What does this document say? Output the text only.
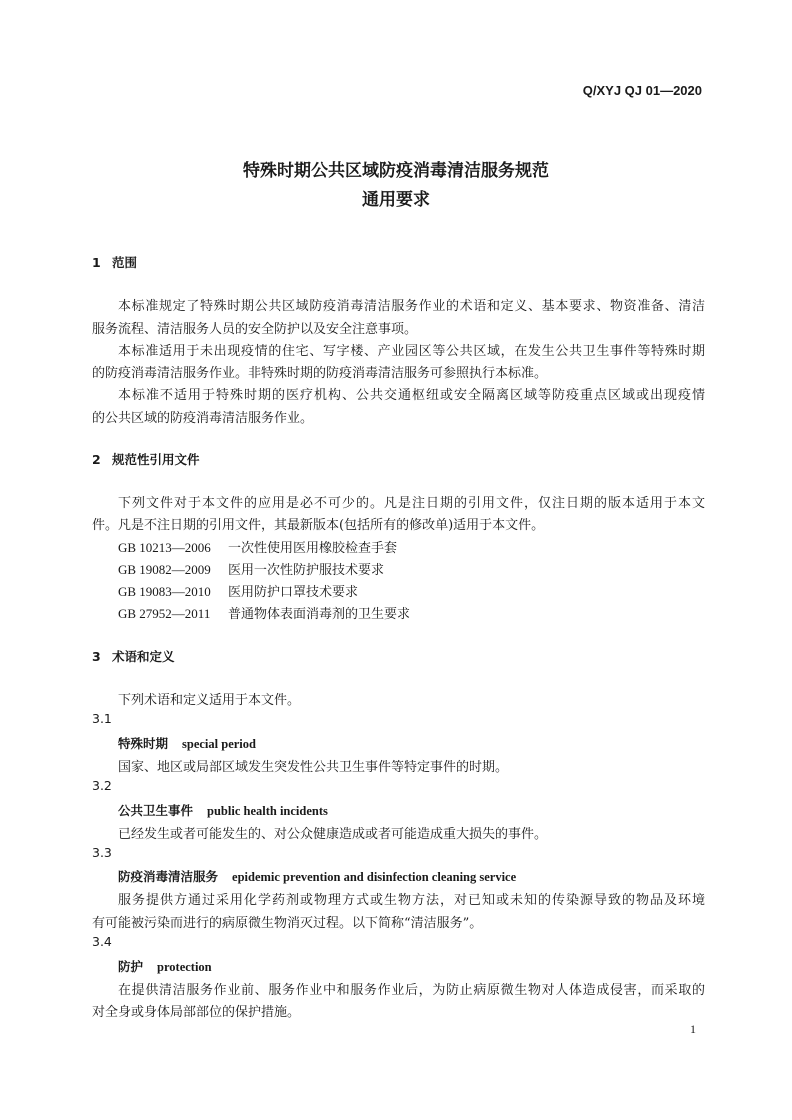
Q/XYJ QJ 01—2020
特殊时期公共区域防疫消毒清洁服务规范
通用要求
1 范围
本标准规定了特殊时期公共区域防疫消毒清洁服务作业的术语和定义、基本要求、物资准备、清洁
服务流程、清洁服务人员的安全防护以及安全注意事项。
本标准适用于未出现疫情的住宅、写字楼、产业园区等公共区域，在发生公共卫生事件等特殊时期
的防疫消毒清洁服务作业。非特殊时期的防疫消毒清洁服务可参照执行本标准。
本标准不适用于特殊时期的医疗机构、公共交通枢纽或安全隔离区域等防疫重点区域或出现疫情
的公共区域的防疫消毒清洁服务作业。
2 规范性引用文件
下列文件对于本文件的应用是必不可少的。凡是注日期的引用文件，仅注日期的版本适用于本文
件。凡是不注日期的引用文件，其最新版本(包括所有的修改单)适用于本文件。
GB 10213—2006 一次性使用医用橡胶检查手套
GB 19082—2009 医用一次性防护服技术要求
GB 19083—2010 医用防护口罩技术要求
GB 27952—2011 普通物体表面消毒剂的卫生要求
3 术语和定义
下列术语和定义适用于本文件。
3.1
特殊时期 special period
国家、地区或局部区域发生突发性公共卫生事件等特定事件的时期。
3.2
公共卫生事件 public health incidents
已经发生或者可能发生的、对公众健康造成或者可能造成重大损失的事件。
3.3
防疫消毒清洁服务 epidemic prevention and disinfection cleaning service
服务提供方通过采用化学药剂或物理方式或生物方法，对已知或未知的传染源导致的物品及环境
有可能被污染而进行的病原微生物消灭过程。以下简称“清洁服务”。
3.4
防护 protection
在提供清洁服务作业前、服务作业中和服务作业后，为防止病原微生物对人体造成侵害，而采取的
对全身或身体局部部位的保护措施。
1
